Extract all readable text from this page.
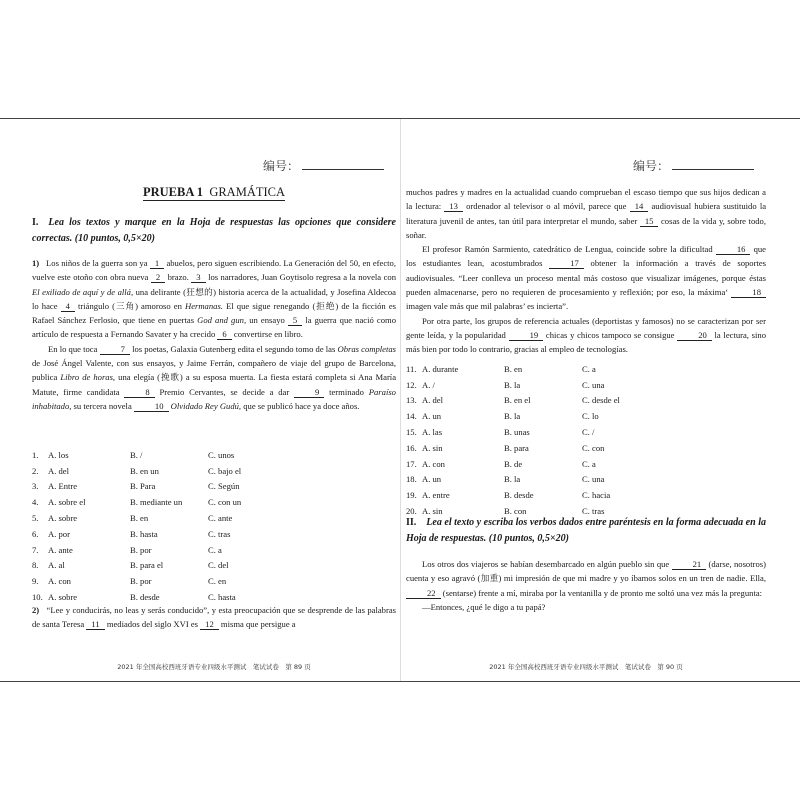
编号：
PRUEBA 1 GRAMÁTICA
I. Lea los textos y marque en la Hoja de respuestas las opciones que considere correctas. (10 puntos, 0,5×20)

1) Los niños de la guerra son ya 1 abuelos, pero siguen escribiendo. La Generación del 50, en efecto, vuelve este otoño con obra nueva 2 brazo. 3 los narradores, Juan Goytisolo regresa a la novela con El exiliado de aquí y de allá, una delirante (狂想的) historia acerca de la actualidad, y Josefina Aldecoa lo hace 4 triángulo (三角) amoroso en Hermanas. El que sigue renegando (拒绝) de la ficción es Rafael Sánchez Ferlosio, que tiene en puertas God and gun, un ensayo 5 la guerra que nació como artículo de respuesta a Fernando Savater y ha crecido 6 convertirse en libro.

En lo que toca	7 los poetas, Galaxia Gutenberg edita el segundo tomo de las Obras completas de José Ángel Valente, con sus ensayos, y Jaime Ferrán, compañero de viaje del grupo de Barcelona, publica Libro de horas, una elegía (挽歌) a su esposa muerta. La fiesta estará completa si Ana María Matute, firme candidata	8 Premio Cervantes, se decide a dar	9 terminado Paraíso inhabitado, su tercera novela	10 Olvidado Rey Gudú, que se publicó hace ya doce años.

1.	A. los	B. /	C. unos
2.	A. del	B. en un	C. bajo el
3.	A. Entre	B. Para	C. Según
4.	A. sobre el	B. mediante un	C. con un
5.	A. sobre	B. en	C. ante
6.	A. por	B. hasta	C. tras
7.	A. ante	B. por	C. a
8.	A. al	B. para el	C. del
9.	A. con	B. por	C. en
10.	A. sobre	B. desde	C. hasta

2) “Lee y conducirás, no leas y serás conducido”, y esta preocupación que se desprende de las palabras de santa Teresa 11 mediados del siglo XVI es 12 misma que persigue a

2021 年全国高校西班牙语专业四级水平测试　笔试试卷　第 89 页
编号：

muchos padres y madres en la actualidad cuando comprueban el escaso tiempo que sus hijos dedican a la lectura: 13 ordenador al televisor o al móvil, parece que 14 audiovisual hubiera sustituido la literatura juvenil de antes, tan útil para interpretar el mundo, saber 15 cosas de la vida y, sobre todo, soñar.

El profesor Ramón Sarmiento, catedrático de Lengua, coincide sobre la dificultad	16 que los estudiantes lean, acostumbrados	17 obtener la información a través de soportes audiovisuales. “Leer conlleva un proceso mental más costoso que visualizar imágenes, porque éstas pueden almacenarse, pero no requieren de procesamiento y reflexión; por eso, la máxima‘	18 imagen vale más que mil palabras’ es incierta”.

Por otra parte, los grupos de referencia actuales (deportistas y famosos) no se caracterizan por ser gente leída, y la popularidad	19 chicas y chicos tampoco se consigue	20 la lectura, sino más bien por todo lo contrario, gracias al empleo de tecnologías.

11.	A. durante	B. en	C. a
12.	A. /	B. la	C. una
13.	A. del	B. en el	C. desde el
14.	A. un	B. la	C. lo
15.	A. las	B. unas	C. /
16.	A. sin	B. para	C. con
17.	A. con	B. de	C. a
18.	A. un	B. la	C. una
19.	A. entre	B. desde	C. hacia
20.	A. sin	B. con	C. tras
II. Lea el texto y escriba los verbos dados entre paréntesis en la forma adecuada en la Hoja de respuestas. (10 puntos, 0,5×20)

Los otros dos viajeros se habían desembarcado en algún pueblo sin que	21 (darse, nosotros) cuenta y eso agravó (加重) mi impresión de que mi madre y yo íbamos solos en un tren de nadie. Ella, 22 (sentarse) frente a mí, miraba por la ventanilla y de pronto me soltó una vez más la pregunta:

—Entonces, ¿qué le digo a tu papá?

2021 年全国高校西班牙语专业四级水平测试　笔试试卷　第 90 页
